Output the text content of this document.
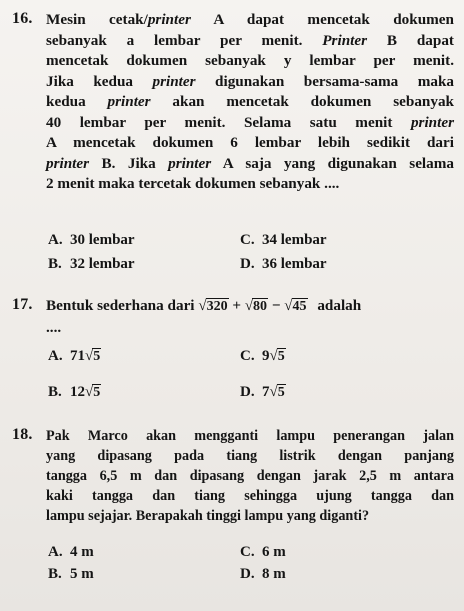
16. Mesin cetak/printer A dapat mencetak dokumen
sebanyak a lembar per menit. Printer B dapat
mencetak dokumen sebanyak y lembar per menit.
Jika kedua printer digunakan bersama-sama maka
kedua printer akan mencetak dokumen sebanyak
40 lembar per menit. Selama satu menit printer
A mencetak dokumen 6 lembar lebih sedikit dari
printer B. Jika printer A saja yang digunakan selama
2 menit maka tercetak dokumen sebanyak ....
A. 30 lembar	C. 34 lembar
B. 32 lembar	D. 36 lembar
17. Bentuk sederhana dari √320 + √80 − √45 adalah
....
A. 71√5	C. 9√5
B. 12√5	D. 7√5
18. Pak Marco akan mengganti lampu penerangan jalan
yang dipasang pada tiang listrik dengan panjang
tangga 6,5 m dan dipasang dengan jarak 2,5 m antara
kaki tangga dan tiang sehingga ujung tangga dan
lampu sejajar. Berapakah tinggi lampu yang diganti?
A. 4 m	C. 6 m
B. 5 m	D. 8 m
